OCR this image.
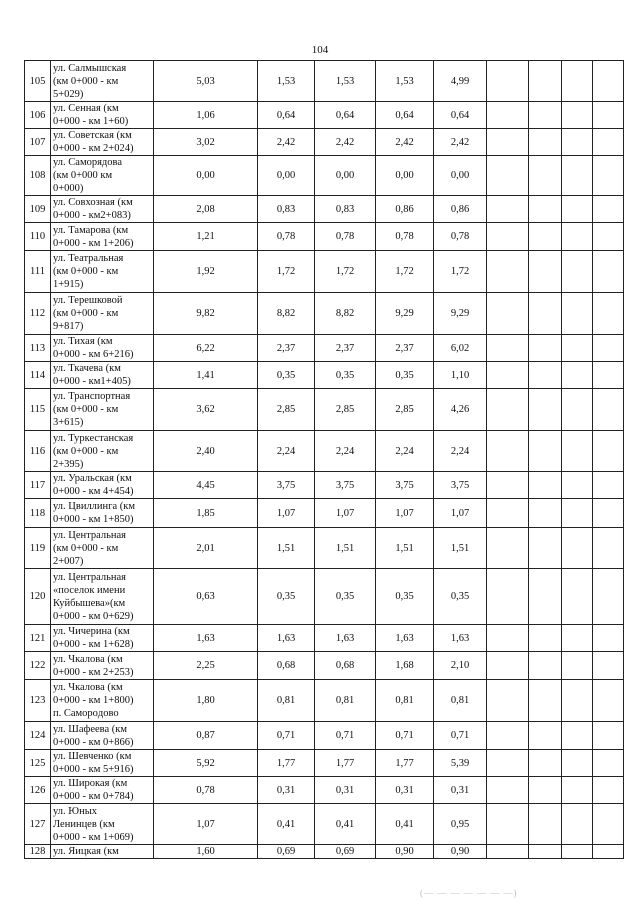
104
105	ул. Салмышская
(км 0+000 - км
5+029)	5,03	1,53	1,53	1,53	4,99				
106	ул. Сенная (км
0+000 - км 1+60)	1,06	0,64	0,64	0,64	0,64				
107	ул. Советская (км
0+000 - км 2+024)	3,02	2,42	2,42	2,42	2,42				
108	ул. Саморядова
(км 0+000 км
0+000)	0,00	0,00	0,00	0,00	0,00				
109	ул. Совхозная (км
0+000 - км2+083)	2,08	0,83	0,83	0,86	0,86				
110	ул. Тамарова (км
0+000 - км 1+206)	1,21	0,78	0,78	0,78	0,78				
111	ул. Театральная
(км 0+000 - км
1+915)	1,92	1,72	1,72	1,72	1,72				
112	ул. Терешковой
(км 0+000 - км
9+817)	9,82	8,82	8,82	9,29	9,29				
113	ул. Тихая (км
0+000 - км 6+216)	6,22	2,37	2,37	2,37	6,02				
114	ул. Ткачева (км
0+000 - км1+405)	1,41	0,35	0,35	0,35	1,10				
115	ул. Транспортная
(км 0+000 - км
3+615)	3,62	2,85	2,85	2,85	4,26				
116	ул. Туркестанская
(км 0+000 - км
2+395)	2,40	2,24	2,24	2,24	2,24				
117	ул. Уральская (км
0+000 - км 4+454)	4,45	3,75	3,75	3,75	3,75				
118	ул. Цвиллинга (км
0+000 - км 1+850)	1,85	1,07	1,07	1,07	1,07				
119	ул. Центральная
(км 0+000 - км
2+007)	2,01	1,51	1,51	1,51	1,51				
120	ул. Центральная
«поселок имени
Куйбышева»(км
0+000 - км 0+629)	0,63	0,35	0,35	0,35	0,35				
121	ул. Чичерина (км
0+000 - км 1+628)	1,63	1,63	1,63	1,63	1,63				
122	ул. Чкалова (км
0+000 - км 2+253)	2,25	0,68	0,68	1,68	2,10				
123	ул. Чкалова (км
0+000 - км 1+800)
п. Саморoдово	1,80	0,81	0,81	0,81	0,81				
124	ул. Шафеева (км
0+000 - км 0+866)	0,87	0,71	0,71	0,71	0,71				
125	ул. Шевченко (км
0+000 - км 5+916)	5,92	1,77	1,77	1,77	5,39				
126	ул. Широкая (км
0+000 - км 0+784)	0,78	0,31	0,31	0,31	0,31				
127	ул. Юных
Ленинцев (км
0+000 - км 1+069)	1,07	0,41	0,41	0,41	0,95				
128	ул. Яицкая (км	1,60	0,69	0,69	0,90	0,90				
(— — — — — — —)
